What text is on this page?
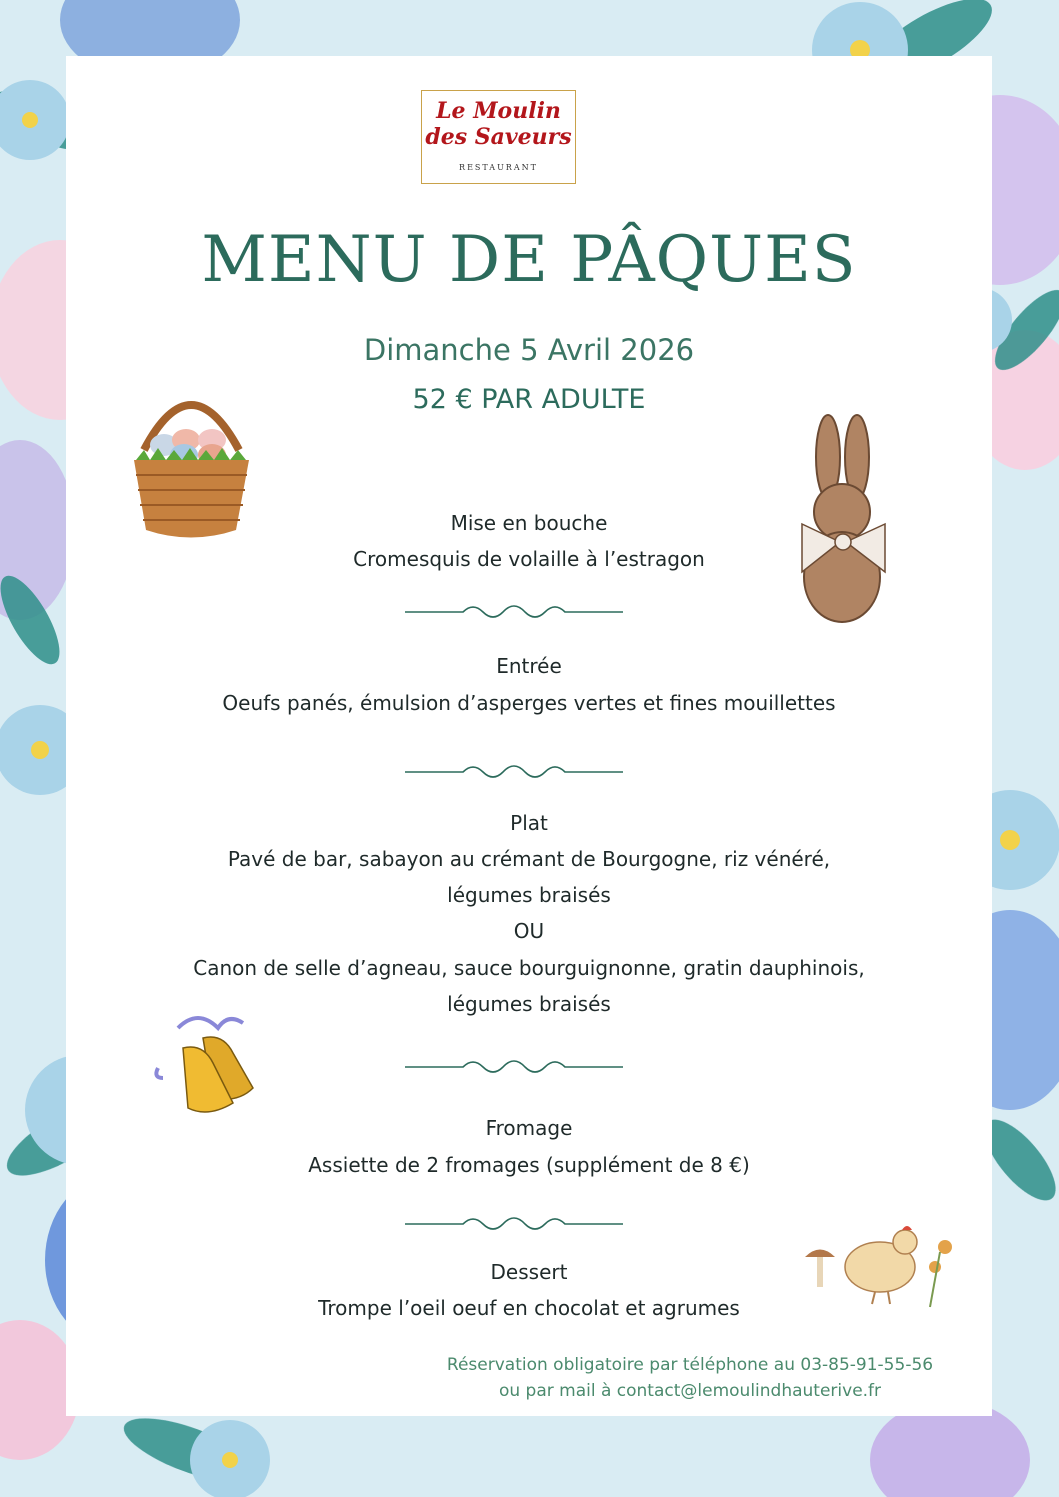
Le Moulin
des Saveurs
RESTAURANT
MENU DE PÂQUES
Dimanche 5 Avril 2026
52 € PAR ADULTE
Mise en bouche
Cromesquis de volaille à l’estragon
Entrée
Oeufs panés, émulsion d’asperges vertes et fines mouillettes
Plat
Pavé de bar, sabayon au crémant de Bourgogne, riz vénéré,
légumes braisés
OU
Canon de selle d’agneau, sauce bourguignonne, gratin dauphinois,
légumes braisés
Fromage
Assiette de 2 fromages (supplément de 8 €)
Dessert
Trompe l’oeil oeuf en chocolat et agrumes
Réservation obligatoire par téléphone au 03-85-91-55-56
ou par mail à contact@lemoulindhauterive.fr
